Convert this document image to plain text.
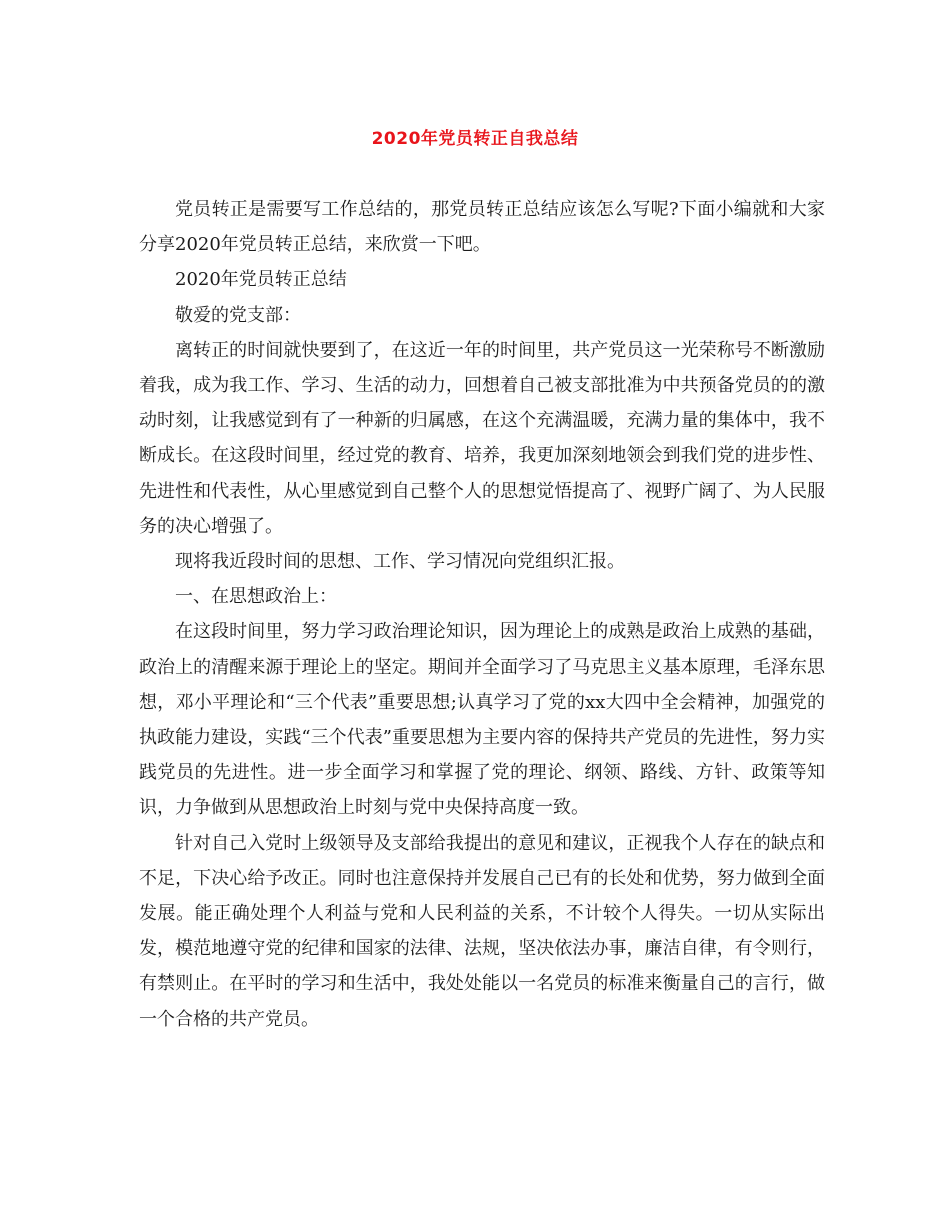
2020年党员转正自我总结

党员转正是需要写工作总结的，那党员转正总结应该怎么写呢?下面小编就和大家分享2020年党员转正总结，来欣赏一下吧。

2020年党员转正总结

敬爱的党支部：

离转正的时间就快要到了，在这近一年的时间里，共产党员这一光荣称号不断激励着我，成为我工作、学习、生活的动力，回想着自己被支部批准为中共预备党员的的激动时刻，让我感觉到有了一种新的归属感，在这个充满温暖，充满力量的集体中，我不断成长。在这段时间里，经过党的教育、培养，我更加深刻地领会到我们党的进步性、先进性和代表性，从心里感觉到自己整个人的思想觉悟提高了、视野广阔了、为人民服务的决心增强了。

现将我近段时间的思想、工作、学习情况向党组织汇报。

一、在思想政治上：

在这段时间里，努力学习政治理论知识，因为理论上的成熟是政治上成熟的基础，政治上的清醒来源于理论上的坚定。期间并全面学习了马克思主义基本原理，毛泽东思想，邓小平理论和“三个代表”重要思想;认真学习了党的xx大四中全会精神，加强党的执政能力建设，实践“三个代表”重要思想为主要内容的保持共产党员的先进性，努力实践党员的先进性。进一步全面学习和掌握了党的理论、纲领、路线、方针、政策等知识，力争做到从思想政治上时刻与党中央保持高度一致。

针对自己入党时上级领导及支部给我提出的意见和建议，正视我个人存在的缺点和不足，下决心给予改正。同时也注意保持并发展自己已有的长处和优势，努力做到全面发展。能正确处理个人利益与党和人民利益的关系，不计较个人得失。一切从实际出发，模范地遵守党的纪律和国家的法律、法规，坚决依法办事，廉洁自律，有令则行，有禁则止。在平时的学习和生活中，我处处能以一名党员的标准来衡量自己的言行，做一个合格的共产党员。
